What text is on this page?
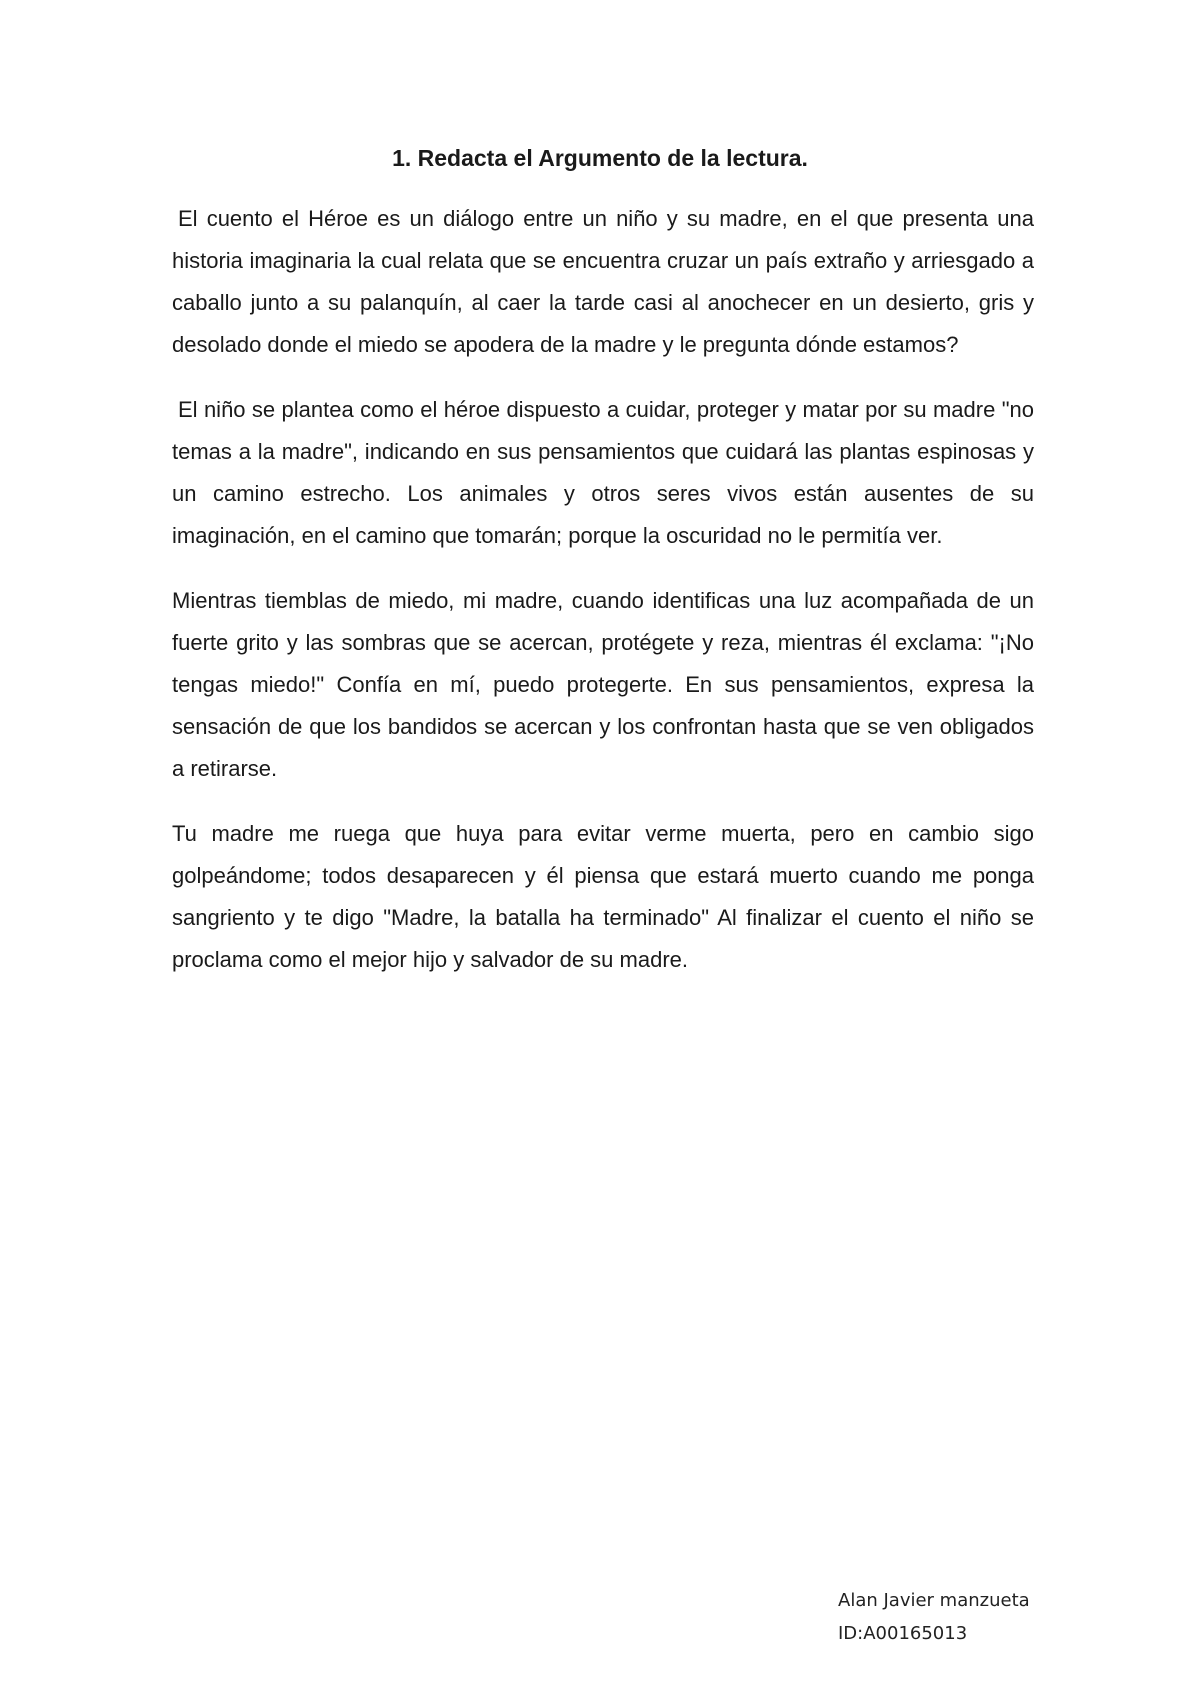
1. Redacta el Argumento de la lectura.

El cuento el Héroe es un diálogo entre un niño y su madre, en el que presenta una historia imaginaria la cual relata que se encuentra cruzar un país extraño y arriesgado a caballo junto a su palanquín, al caer la tarde casi al anochecer en un desierto, gris y desolado donde el miedo se apodera de la madre y le pregunta dónde estamos?

El niño se plantea como el héroe dispuesto a cuidar, proteger y matar por su madre "no temas a la madre", indicando en sus pensamientos que cuidará las plantas espinosas y un camino estrecho. Los animales y otros seres vivos están ausentes de su imaginación, en el camino que tomarán; porque la oscuridad no le permitía ver.

Mientras tiemblas de miedo, mi madre, cuando identificas una luz acompañada de un fuerte grito y las sombras que se acercan, protégete y reza, mientras él exclama: "¡No tengas miedo!" Confía en mí, puedo protegerte. En sus pensamientos, expresa la sensación de que los bandidos se acercan y los confrontan hasta que se ven obligados a retirarse.

Tu madre me ruega que huya para evitar verme muerta, pero en cambio sigo golpeándome; todos desaparecen y él piensa que estará muerto cuando me ponga sangriento y te digo "Madre, la batalla ha terminado" Al finalizar el cuento el niño se proclama como el mejor hijo y salvador de su madre.

Alan Javier manzueta
ID:A00165013
